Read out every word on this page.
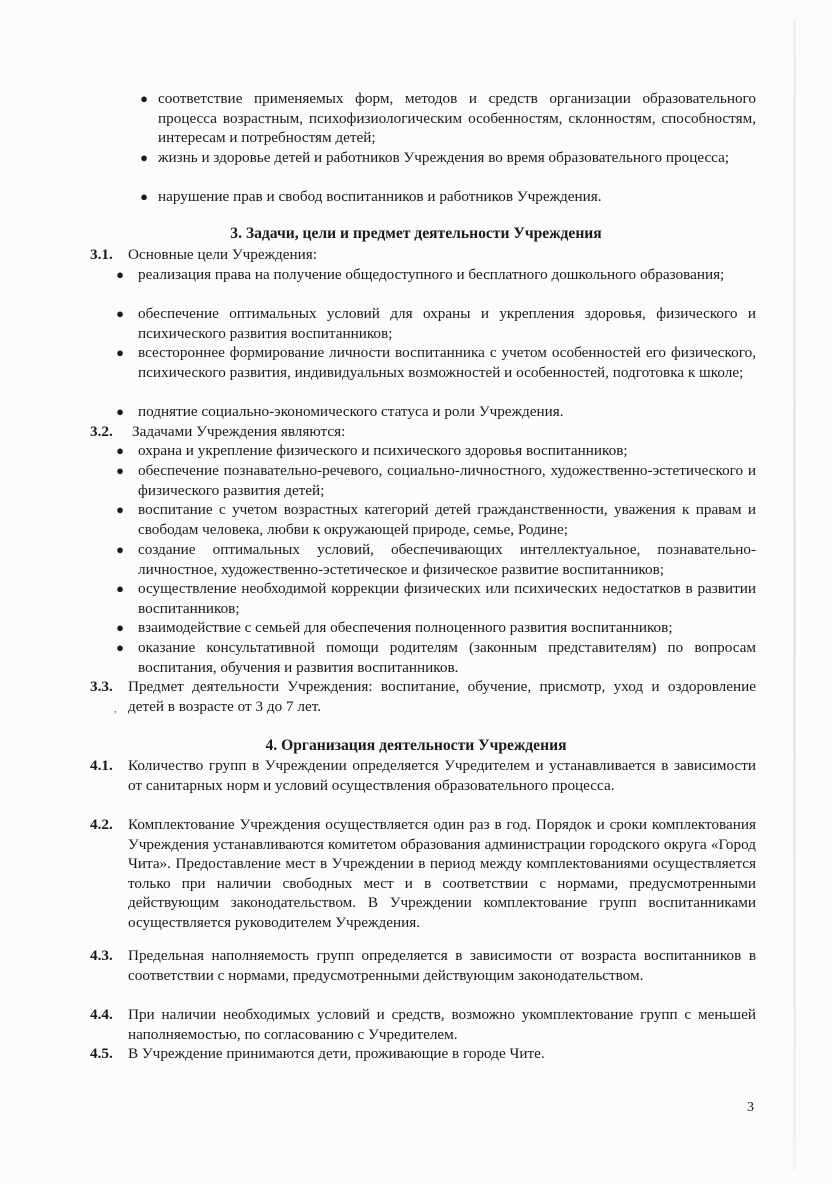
● соответствие применяемых форм, методов и средств организации образовательного процесса возрастным, психофизиологическим особенностям, склонностям, способностям, интересам и потребностям детей;
● жизнь и здоровье детей и работников Учреждения во время образовательного процесса;
● нарушение прав и свобод воспитанников и работников Учреждения.
3. Задачи, цели и предмет деятельности Учреждения
3.1. Основные цели Учреждения:
● реализация права на получение общедоступного и бесплатного дошкольного образования;
● обеспечение оптимальных условий для охраны и укрепления здоровья, физического и психического развития воспитанников;
● всестороннее формирование личности воспитанника с учетом особенностей его физического, психического развития, индивидуальных возможностей и особенностей, подготовка к школе;
● поднятие социально-экономического статуса и роли Учреждения.
3.2. Задачами Учреждения являются:
● охрана и укрепление физического и психического здоровья воспитанников;
● обеспечение познавательно-речевого, социально-личностного, художественно-эстетического и физического развития детей;
● воспитание с учетом возрастных категорий детей гражданственности, уважения к правам и свободам человека, любви к окружающей природе, семье, Родине;
● создание оптимальных условий, обеспечивающих интеллектуальное, познавательно-личностное, художественно-эстетическое и физическое развитие воспитанников;
● осуществление необходимой коррекции физических или психических недостатков в развитии воспитанников;
● взаимодействие с семьей для обеспечения полноценного развития воспитанников;
● оказание консультативной помощи родителям (законным представителям) по вопросам воспитания, обучения и развития воспитанников.
3.3. Предмет деятельности Учреждения: воспитание, обучение, присмотр, уход и оздоровление детей в возрасте от 3 до 7 лет.
,
4. Организация деятельности Учреждения
4.1. Количество групп в Учреждении определяется Учредителем и устанавливается в зависимости от санитарных норм и условий осуществления образовательного процесса.
4.2. Комплектование Учреждения осуществляется один раз в год. Порядок и сроки комплектования Учреждения устанавливаются комитетом образования администрации городского округа «Город Чита». Предоставление мест в Учреждении в период между комплектованиями осуществляется только при наличии свободных мест и в соответствии с нормами, предусмотренными действующим законодательством. В Учреждении комплектование групп воспитанниками осуществляется руководителем Учреждения.
4.3. Предельная наполняемость групп определяется в зависимости от возраста воспитанников в соответствии с нормами, предусмотренными действующим законодательством.
4.4. При наличии необходимых условий и средств, возможно укомплектование групп с меньшей наполняемостью, по согласованию с Учредителем.
4.5. В Учреждение принимаются дети, проживающие в городе Чите.
3
